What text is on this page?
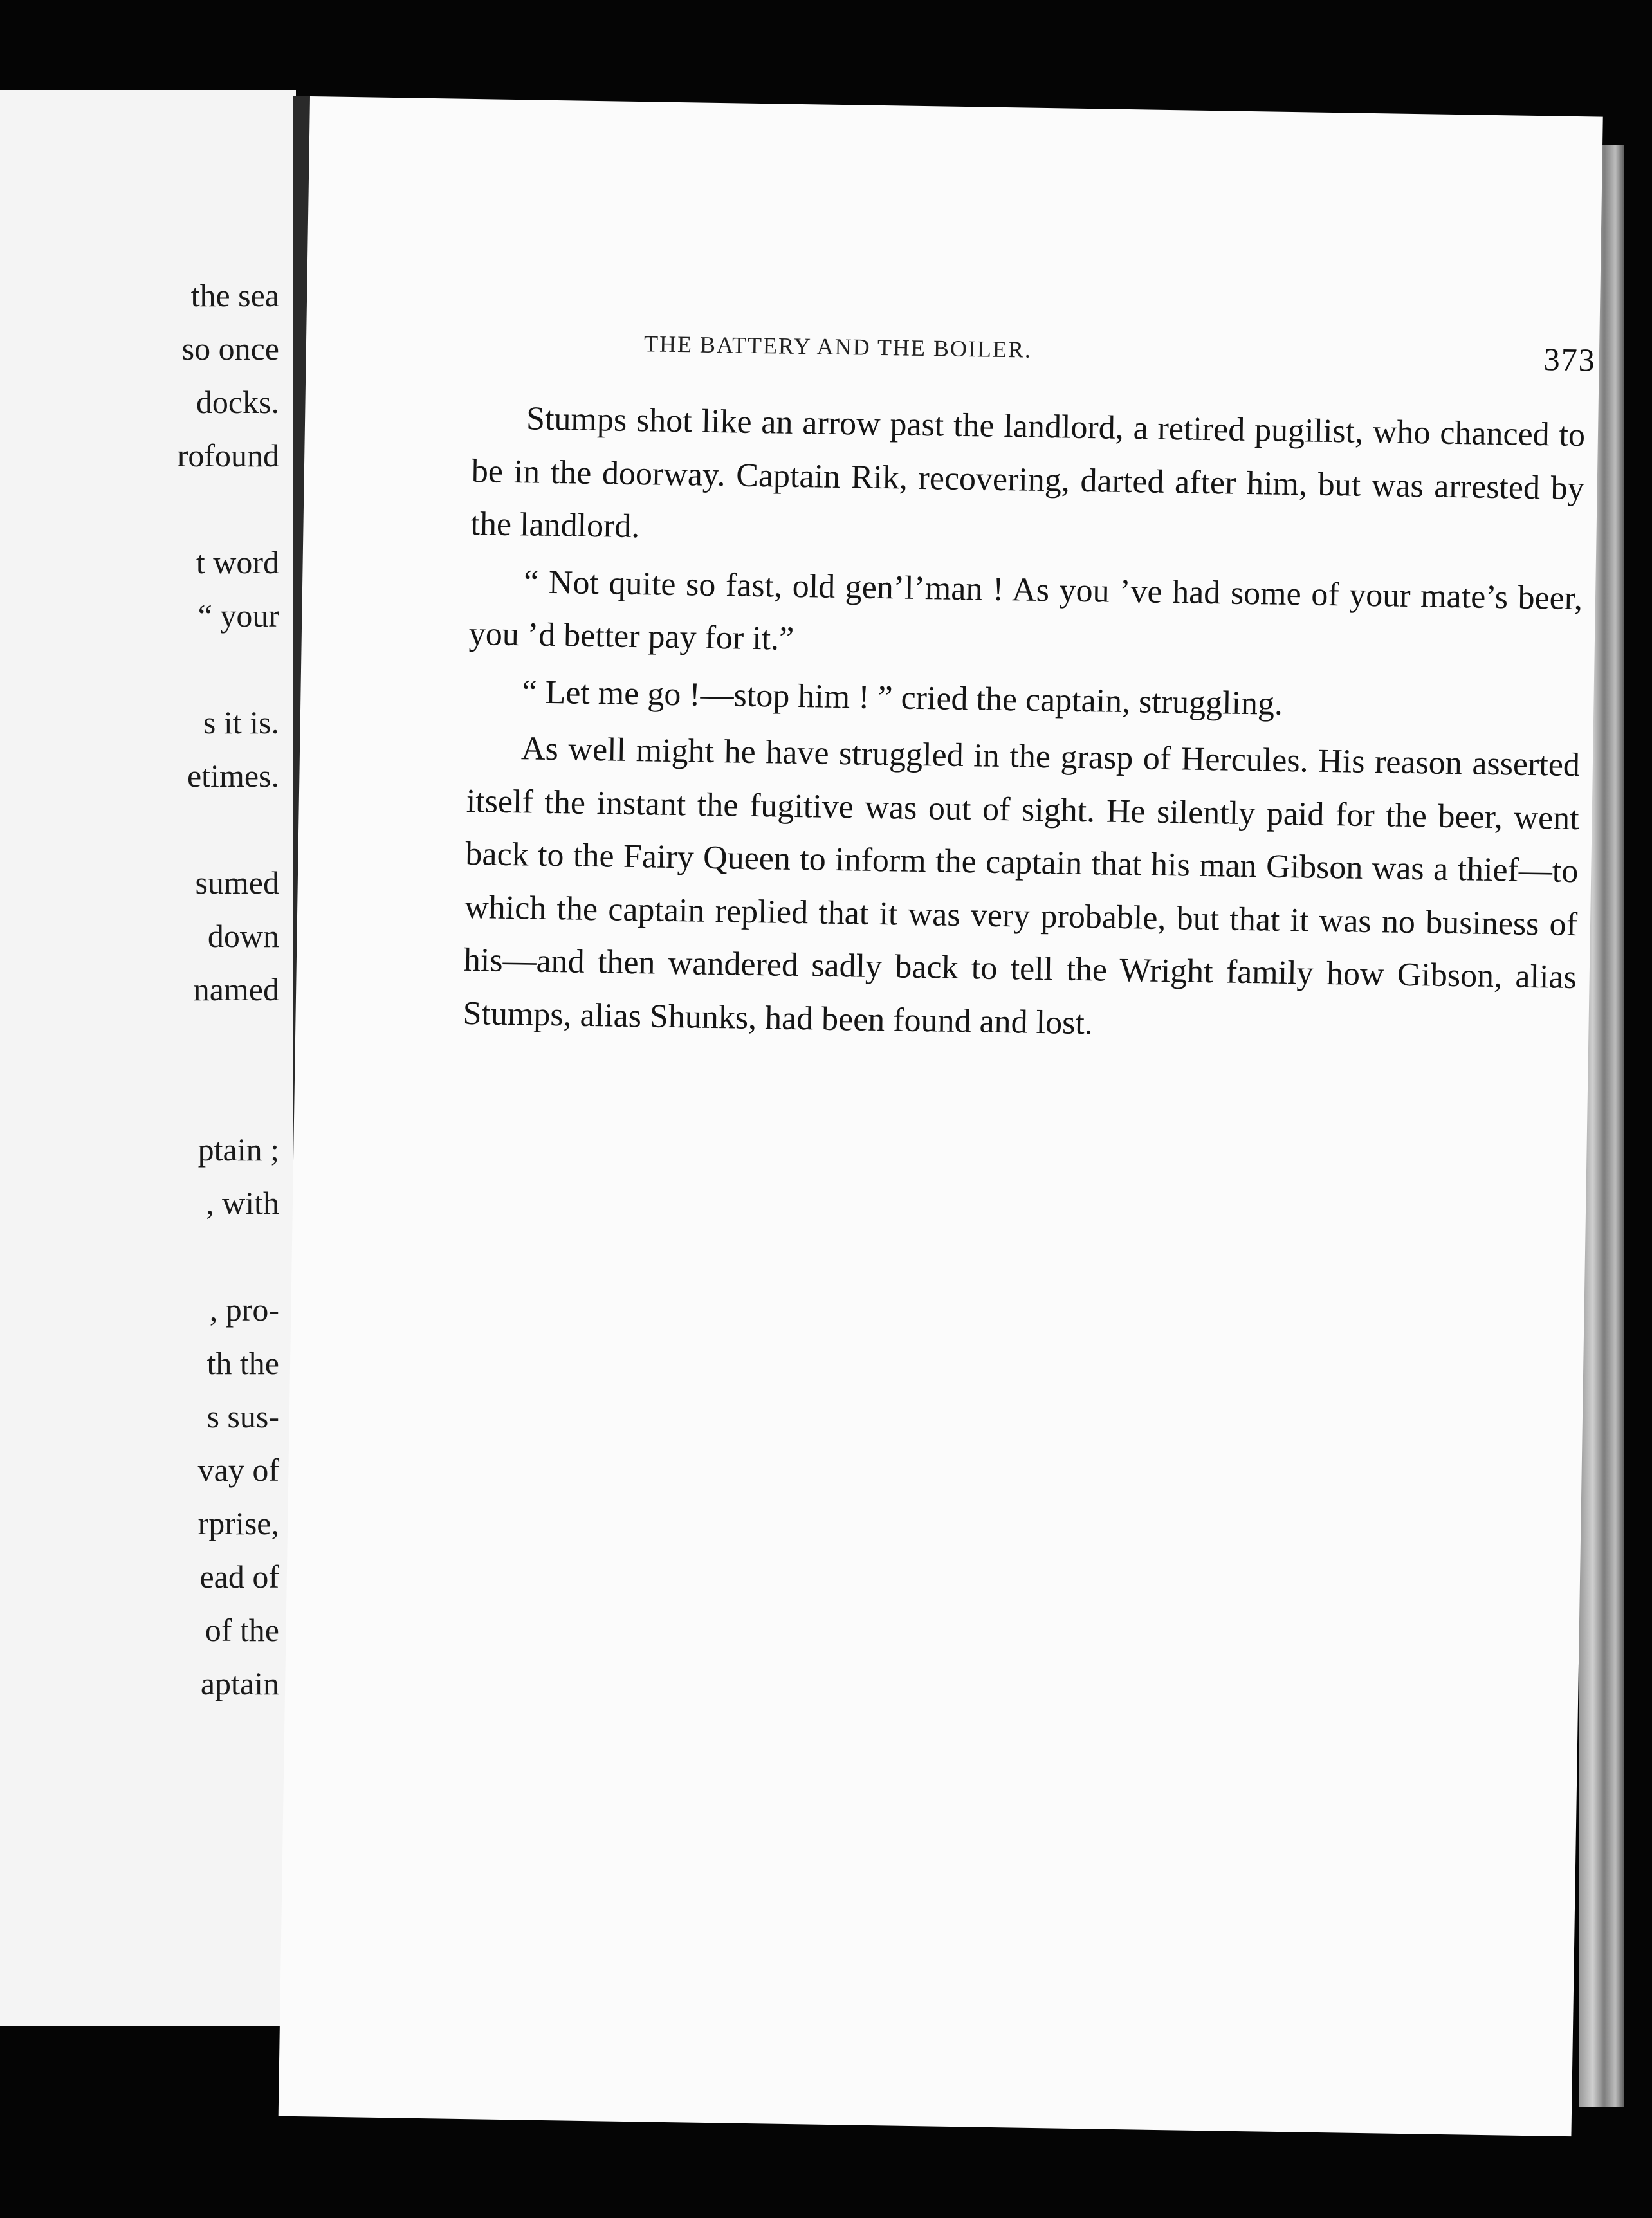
the sea
so once
docks.
rofound
t word
“ your
s it is.
etimes.
sumed
down
named
ptain ;
, with
, pro-
th the
s sus-
vay of
rprise,
ead of
of the
aptain
THE BATTERY AND THE BOILER.	373

Stumps shot like an arrow past the landlord, a retired pugilist, who chanced to be in the doorway. Captain Rik, recovering, darted after him, but was arrested by the landlord.

“ Not quite so fast, old gen’l’man ! As you ’ve had some of your mate’s beer, you ’d better pay for it.”

“ Let me go !—stop him ! ” cried the captain, struggling.

As well might he have struggled in the grasp of Hercules. His reason asserted itself the instant the fugitive was out of sight. He silently paid for the beer, went back to the Fairy Queen to inform the captain that his man Gibson was a thief—to which the captain replied that it was very probable, but that it was no business of his—and then wandered sadly back to tell the Wright family how Gibson, alias Stumps, alias Shunks, had been found and lost.
